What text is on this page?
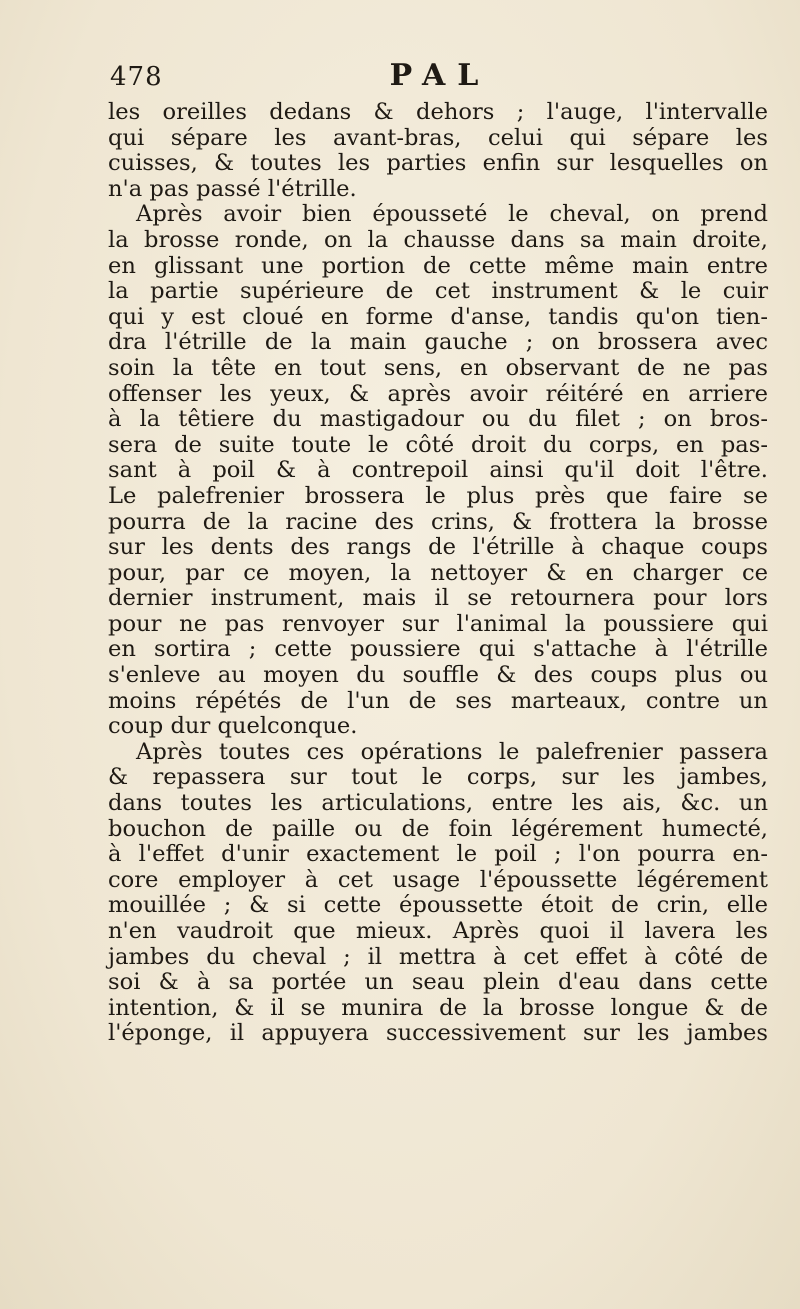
478	PAL
les oreilles dedans & dehors ; l'auge, l'intervalle
qui sépare les avant-bras, celui qui sépare les
cuisses, & toutes les parties enfin sur lesquelles on
n'a pas passé l'étrille.
Après avoir bien épousseté le cheval, on prend
la brosse ronde, on la chausse dans sa main droite,
en glissant une portion de cette même main entre
la partie supérieure de cet instrument & le cuir
qui y est cloué en forme d'anse, tandis qu'on tien-
dra l'étrille de la main gauche ; on brossera avec
soin la tête en tout sens, en observant de ne pas
offenser les yeux, & après avoir réitéré en arriere
à la têtiere du mastigadour ou du filet ; on bros-
sera de suite toute le côté droit du corps, en pas-
sant à poil & à contrepoil ainsi qu'il doit l'être.
Le palefrenier brossera le plus près que faire se
pourra de la racine des crins, & frottera la brosse
sur les dents des rangs de l'étrille à chaque coups
pour, par ce moyen, la nettoyer & en charger ce
dernier instrument, mais il se retournera pour lors
pour ne pas renvoyer sur l'animal la poussiere qui
en sortira ; cette poussiere qui s'attache à l'étrille
s'enleve au moyen du souffle & des coups plus ou
moins répétés de l'un de ses marteaux, contre un
coup dur quelconque.
Après toutes ces opérations le palefrenier passera
& repassera sur tout le corps, sur les jambes,
dans toutes les articulations, entre les ais, &c. un
bouchon de paille ou de foin légérement humecté,
à l'effet d'unir exactement le poil ; l'on pourra en-
core employer à cet usage l'époussette légérement
mouillée ; & si cette époussette étoit de crin, elle
n'en vaudroit que mieux. Après quoi il lavera les
jambes du cheval ; il mettra à cet effet à côté de
soi & à sa portée un seau plein d'eau dans cette
intention, & il se munira de la brosse longue & de
l'éponge, il appuyera successivement sur les jambes
